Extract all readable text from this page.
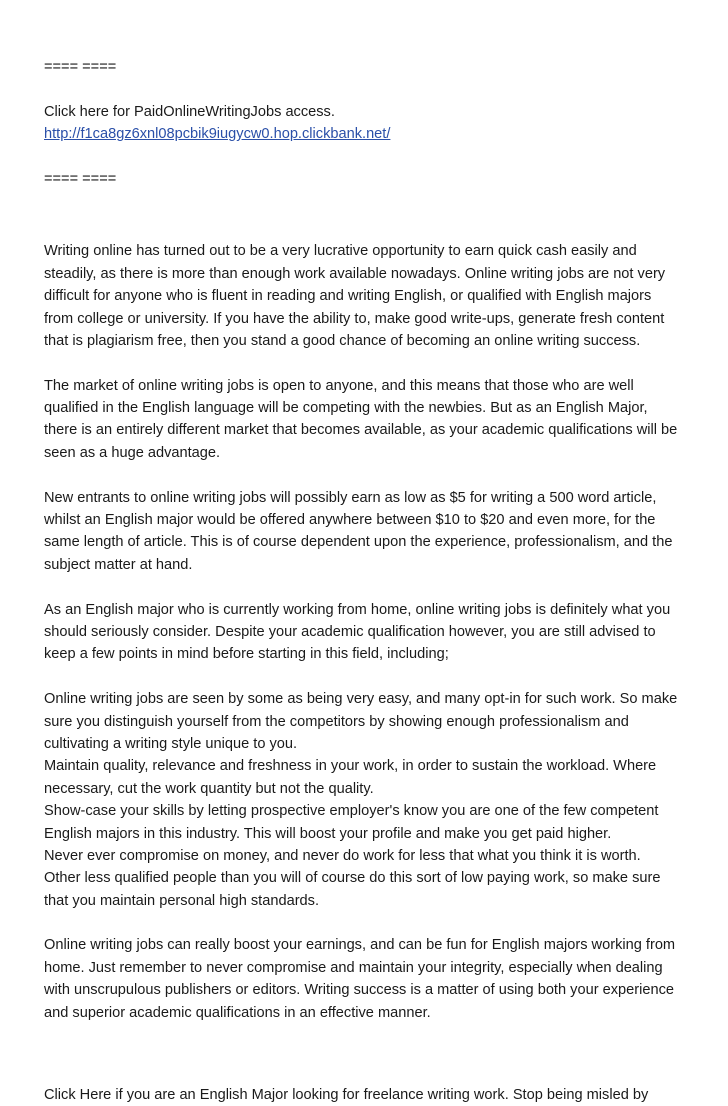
==== ====
Click here for PaidOnlineWritingJobs access.
http://f1ca8gz6xnl08pcbik9iugycw0.hop.clickbank.net/
==== ====
Writing online has turned out to be a very lucrative opportunity to earn quick cash easily and
steadily, as there is more than enough work available nowadays. Online writing jobs are not very
difficult for anyone who is fluent in reading and writing English, or qualified with English majors
from college or university. If you have the ability to, make good write-ups, generate fresh content
that is plagiarism free, then you stand a good chance of becoming an online writing success.
The market of online writing jobs is open to anyone, and this means that those who are well
qualified in the English language will be competing with the newbies. But as an English Major,
there is an entirely different market that becomes available, as your academic qualifications will be
seen as a huge advantage.
New entrants to online writing jobs will possibly earn as low as $5 for writing a 500 word article,
whilst an English major would be offered anywhere between $10 to $20 and even more, for the
same length of article. This is of course dependent upon the experience, professionalism, and the
subject matter at hand.
As an English major who is currently working from home, online writing jobs is definitely what you
should seriously consider. Despite your academic qualification however, you are still advised to
keep a few points in mind before starting in this field, including;
Online writing jobs are seen by some as being very easy, and many opt-in for such work. So make
sure you distinguish yourself from the competitors by showing enough professionalism and
cultivating a writing style unique to you.
Maintain quality, relevance and freshness in your work, in order to sustain the workload. Where
necessary, cut the work quantity but not the quality.
Show-case your skills by letting prospective employer's know you are one of the few competent
English majors in this industry. This will boost your profile and make you get paid higher.
Never ever compromise on money, and never do work for less that what you think it is worth.
Other less qualified people than you will of course do this sort of low paying work, so make sure
that you maintain personal high standards.
Online writing jobs can really boost your earnings, and can be fun for English majors working from
home. Just remember to never compromise and maintain your integrity, especially when dealing
with unscrupulous publishers or editors. Writing success is a matter of using both your experience
and superior academic qualifications in an effective manner.
Click Here if you are an English Major looking for freelance writing work. Stop being misled by
